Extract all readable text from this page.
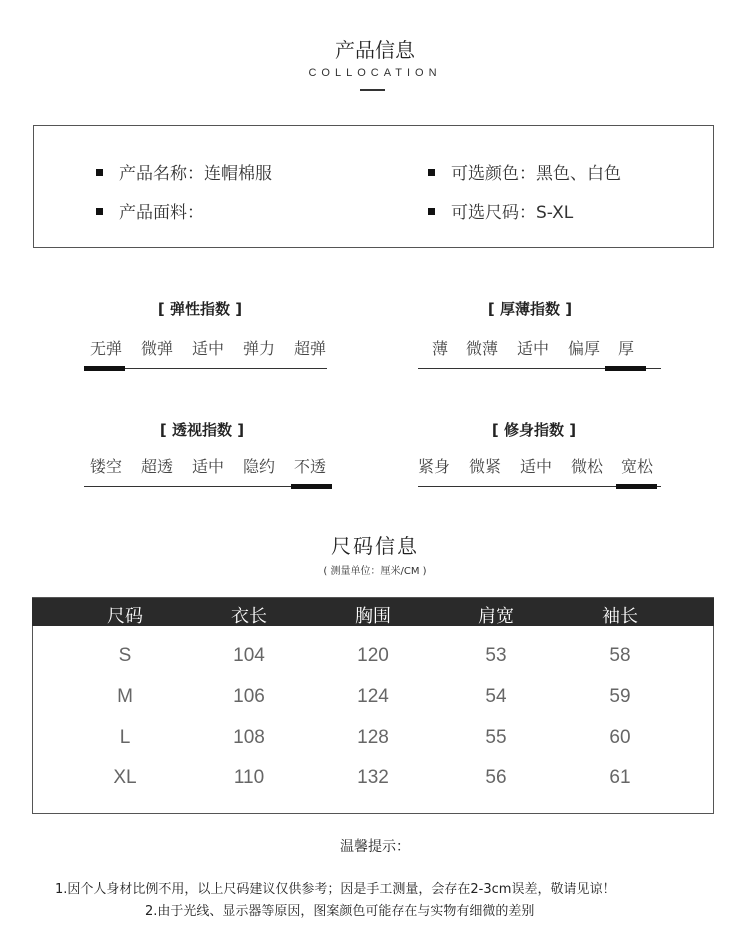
产品信息
COLLOCATION
产品名称：连帽棉服
产品面料：
可选颜色：黑色、白色
可选尺码：S-XL
[ 弹性指数 ]
无弹 微弹 适中 弹力 超弹
[ 厚薄指数 ]
薄	微薄 适中 偏厚	厚
[ 透视指数 ]
镂空 超透 适中 隐约 不透
[ 修身指数 ]
紧身 微紧 适中 微松 宽松
尺码信息
( 测量单位：厘米/CM )
尺码	衣长	胸围	肩宽	袖长
S	104	120	53	58
M	106	124	54	59
L	108	128	55	60
XL	110	132	56	61
温馨提示：
1.因个人身材比例不用，以上尺码建议仅供参考；因是手工测量，会存在2-3cm误差，敬请见谅！
2.由于光线、显示器等原因，图案颜色可能存在与实物有细微的差别
